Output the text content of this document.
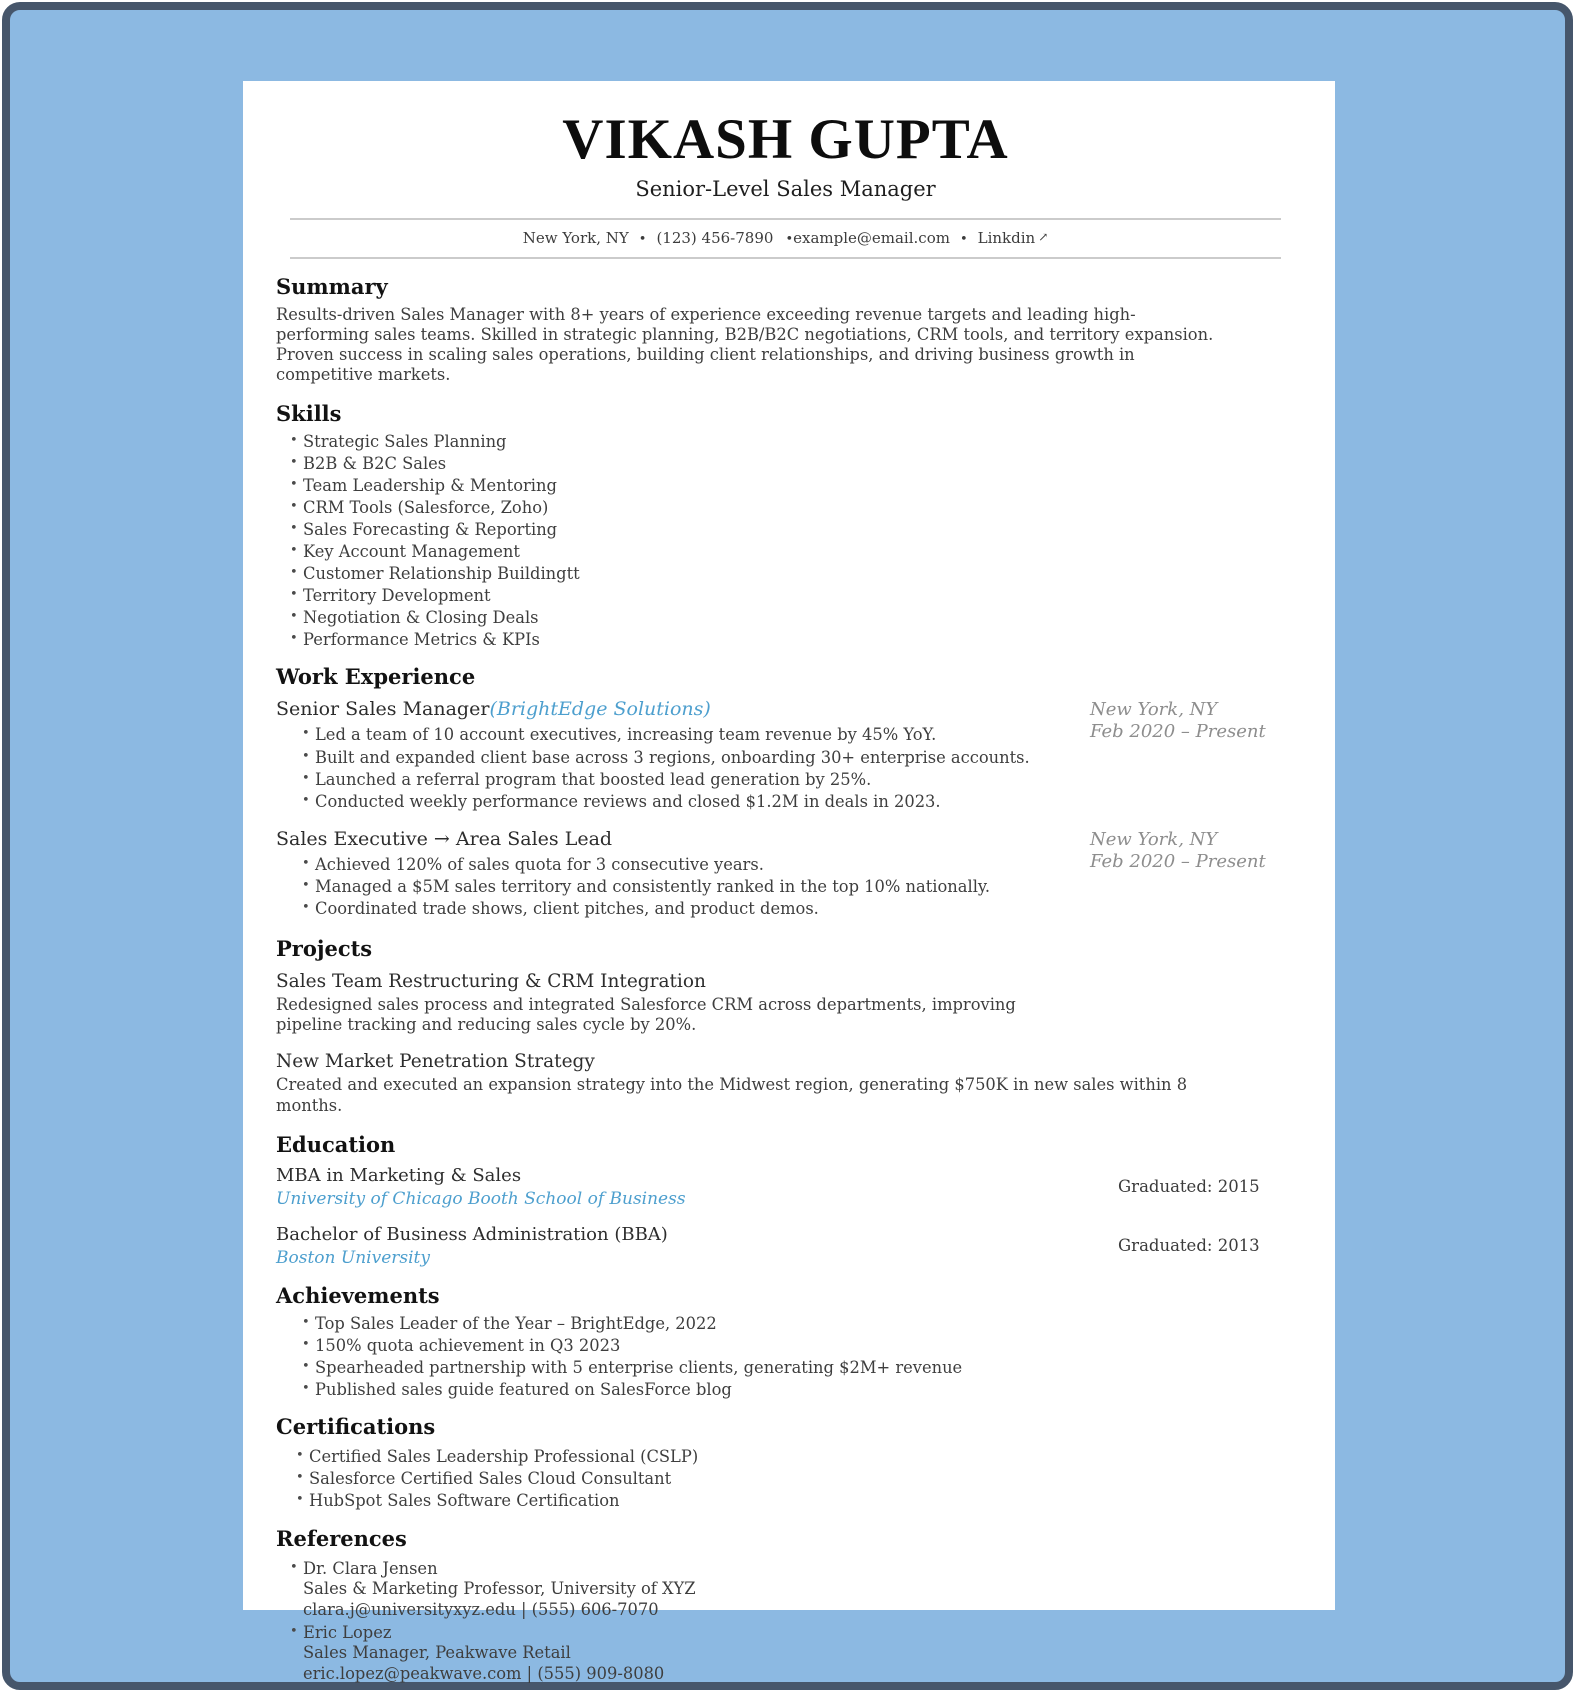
VIKASH GUPTA
Senior-Level Sales Manager
New York, NY • (123) 456-7890 •example@email.com • Linkdin ↗
Summary

Results-driven Sales Manager with 8+ years of experience exceeding revenue targets and leading high-performing sales teams. Skilled in strategic planning, B2B/B2C negotiations, CRM tools, and territory expansion. Proven success in scaling sales operations, building client relationships, and driving business growth in competitive markets.

Skills
• Strategic Sales Planning
• B2B & B2C Sales
• Team Leadership & Mentoring
• CRM Tools (Salesforce, Zoho)
• Sales Forecasting & Reporting
• Key Account Management
• Customer Relationship Buildingtt
• Territory Development
• Negotiation & Closing Deals
• Performance Metrics & KPIs
Work Experience
Senior Sales Manager(BrightEdge Solutions)	New York, NY
Feb 2020 – Present
• Led a team of 10 account executives, increasing team revenue by 45% YoY.
• Built and expanded client base across 3 regions, onboarding 30+ enterprise accounts.
• Launched a referral program that boosted lead generation by 25%.
• Conducted weekly performance reviews and closed $1.2M in deals in 2023.
Sales Executive → Area Sales Lead	New York, NY
Feb 2020 – Present
• Achieved 120% of sales quota for 3 consecutive years.
• Managed a $5M sales territory and consistently ranked in the top 10% nationally.
• Coordinated trade shows, client pitches, and product demos.
Projects
Sales Team Restructuring & CRM Integration

Redesigned sales process and integrated Salesforce CRM across departments, improving pipeline tracking and reducing sales cycle by 20%.

New Market Penetration Strategy

Created and executed an expansion strategy into the Midwest region, generating $750K in new sales within 8 months.

Education
MBA in Marketing & Sales
University of Chicago Booth School of Business
Graduated: 2015
Bachelor of Business Administration (BBA)
Boston University
Graduated: 2013
Achievements
• Top Sales Leader of the Year – BrightEdge, 2022
• 150% quota achievement in Q3 2023
• Spearheaded partnership with 5 enterprise clients, generating $2M+ revenue
• Published sales guide featured on SalesForce blog
Certifications
• Certified Sales Leadership Professional (CSLP)
• Salesforce Certified Sales Cloud Consultant
• HubSpot Sales Software Certification
References
• Dr. Clara Jensen
Sales & Marketing Professor, University of XYZ
clara.j@universityxyz.edu | (555) 606-7070
• Eric Lopez
Sales Manager, Peakwave Retail
eric.lopez@peakwave.com | (555) 909-8080
